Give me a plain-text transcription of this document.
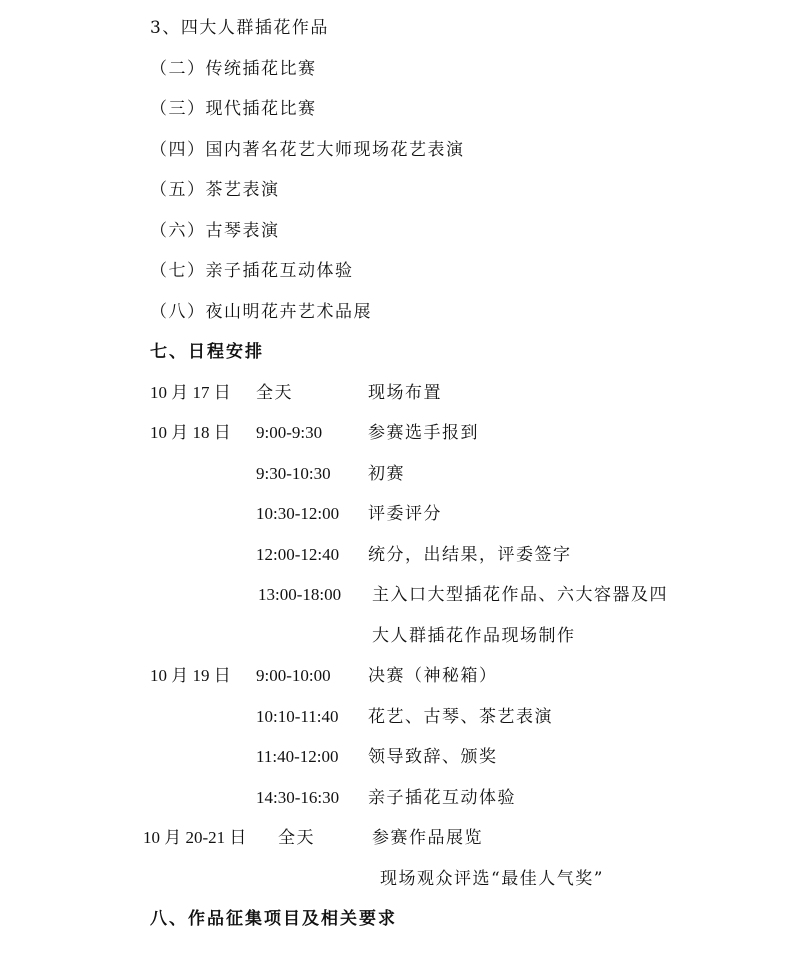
3、四大人群插花作品
（二）传统插花比赛
（三）现代插花比赛
（四）国内著名花艺大师现场花艺表演
（五）茶艺表演
（六）古琴表演
（七）亲子插花互动体验
（八）夜山明花卉艺术品展
七、日程安排
10 月 17 日 全天	现场布置
10 月 18 日 9:00-9:30	参赛选手报到
9:30-10:30 初赛
10:30-12:00 评委评分
12:00-12:40 统分，出结果，评委签字
13:00-18:00 主入口大型插花作品、六大容器及四
大人群插花作品现场制作
10 月 19 日 9:00-10:00 决赛（神秘箱）
10:10-11:40 花艺、古琴、茶艺表演
11:40-12:00 领导致辞、颁奖
14:30-16:30 亲子插花互动体验
10 月 20-21 日 全天	参赛作品展览
现场观众评选“最佳人气奖”
八、作品征集项目及相关要求
